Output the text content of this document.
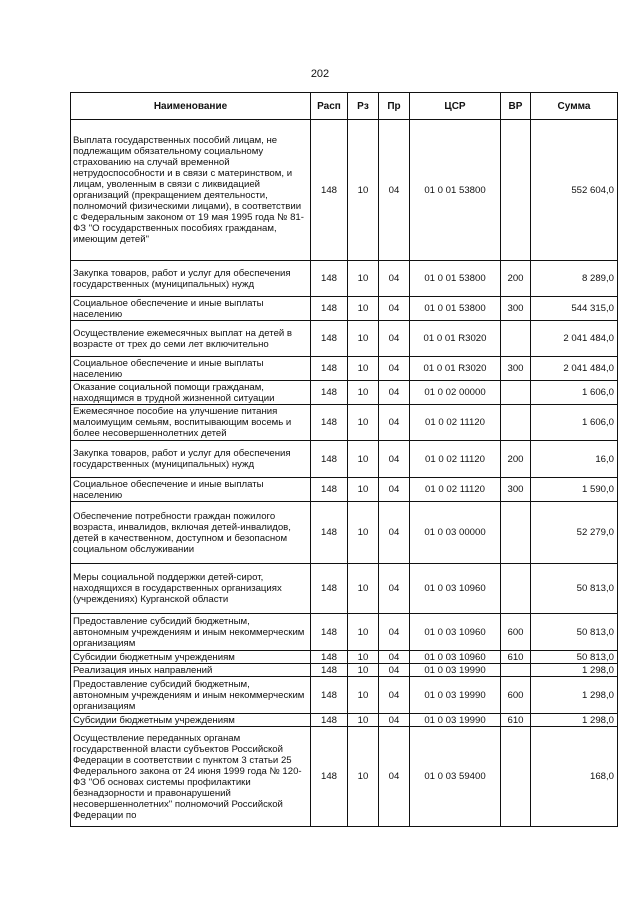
202
Наименование	Расп	Рз	Пр	ЦСР	ВР	Сумма
Выплата государственных пособий лицам, не подлежащим обязательному социальному страхованию на случай временной нетрудоспособности и в связи с материнством, и лицам, уволенным в связи с ликвидацией организаций (прекращением деятельности, полномочий физическими лицами), в соответствии с Федеральным законом от 19 мая 1995 года № 81-ФЗ "О государственных пособиях гражданам, имеющим детей"	148	10	04	01 0 01 53800		552 604,0
Закупка товаров, работ и услуг для обеспечения государственных (муниципальных) нужд	148	10	04	01 0 01 53800	200	8 289,0
Социальное обеспечение и иные выплаты населению	148	10	04	01 0 01 53800	300	544 315,0
Осуществление ежемесячных выплат на детей в возрасте от трех до семи лет включительно	148	10	04	01 0 01 R3020		2 041 484,0
Социальное обеспечение и иные выплаты населению	148	10	04	01 0 01 R3020	300	2 041 484,0
Оказание социальной помощи гражданам, находящимся в трудной жизненной ситуации	148	10	04	01 0 02 00000		1 606,0
Ежемесячное пособие на улучшение питания малоимущим семьям, воспитывающим восемь и более несовершеннолетних детей	148	10	04	01 0 02 11120		1 606,0
Закупка товаров, работ и услуг для обеспечения государственных (муниципальных) нужд	148	10	04	01 0 02 11120	200	16,0
Социальное обеспечение и иные выплаты населению	148	10	04	01 0 02 11120	300	1 590,0
Обеспечение потребности граждан пожилого возраста, инвалидов, включая детей-инвалидов, детей в качественном, доступном и безопасном социальном обслуживании	148	10	04	01 0 03 00000		52 279,0
Меры социальной поддержки детей-сирот, находящихся в государственных организациях (учреждениях) Курганской области	148	10	04	01 0 03 10960		50 813,0
Предоставление субсидий бюджетным, автономным учреждениям и иным некоммерческим организациям	148	10	04	01 0 03 10960	600	50 813,0
Субсидии бюджетным учреждениям	148	10	04	01 0 03 10960	610	50 813,0
Реализация иных направлений	148	10	04	01 0 03 19990		1 298,0
Предоставление субсидий бюджетным, автономным учреждениям и иным некоммерческим организациям	148	10	04	01 0 03 19990	600	1 298,0
Субсидии бюджетным учреждениям	148	10	04	01 0 03 19990	610	1 298,0
Осуществление переданных органам государственной власти субъектов Российской Федерации в соответствии с пунктом 3 статьи 25 Федерального закона от 24 июня 1999 года № 120-ФЗ "Об основах системы профилактики безнадзорности и правонарушений несовершеннолетних" полномочий Российской Федерации по	148	10	04	01 0 03 59400		168,0
